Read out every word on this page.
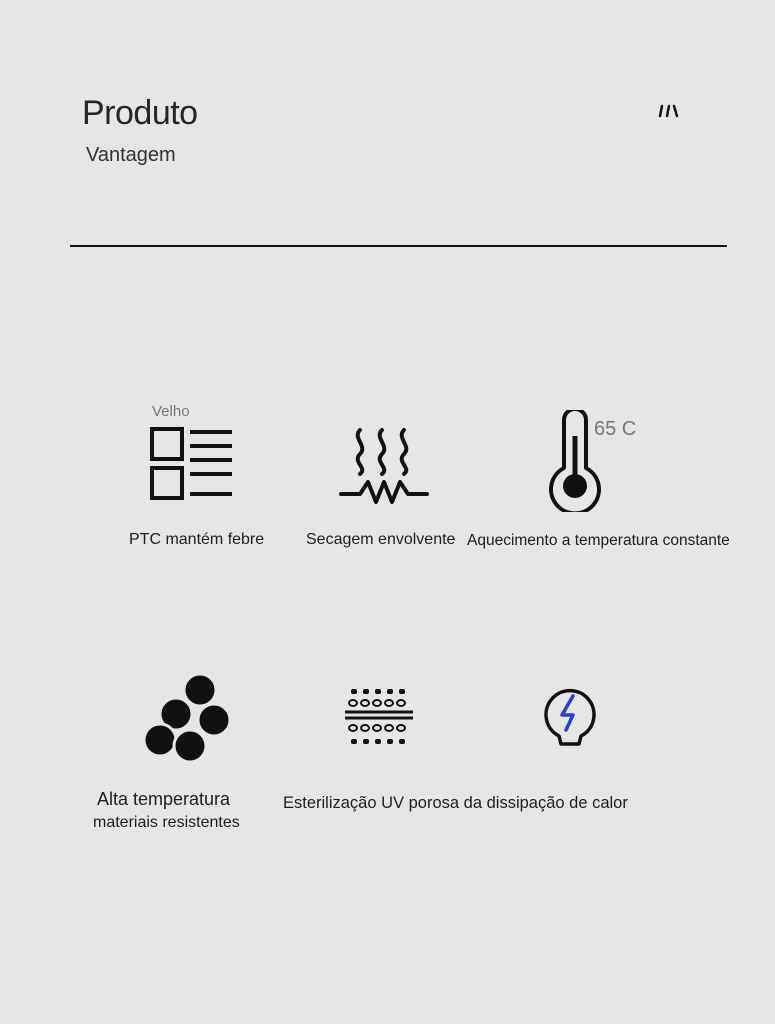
Produto
Vantagem
Velho
PTC mantém febre	Secagem envolvente
65 C
Aquecimento a temperatura constante
Alta temperatura
materiais resistentes
Esterilização UV porosa da dissipação de calor
